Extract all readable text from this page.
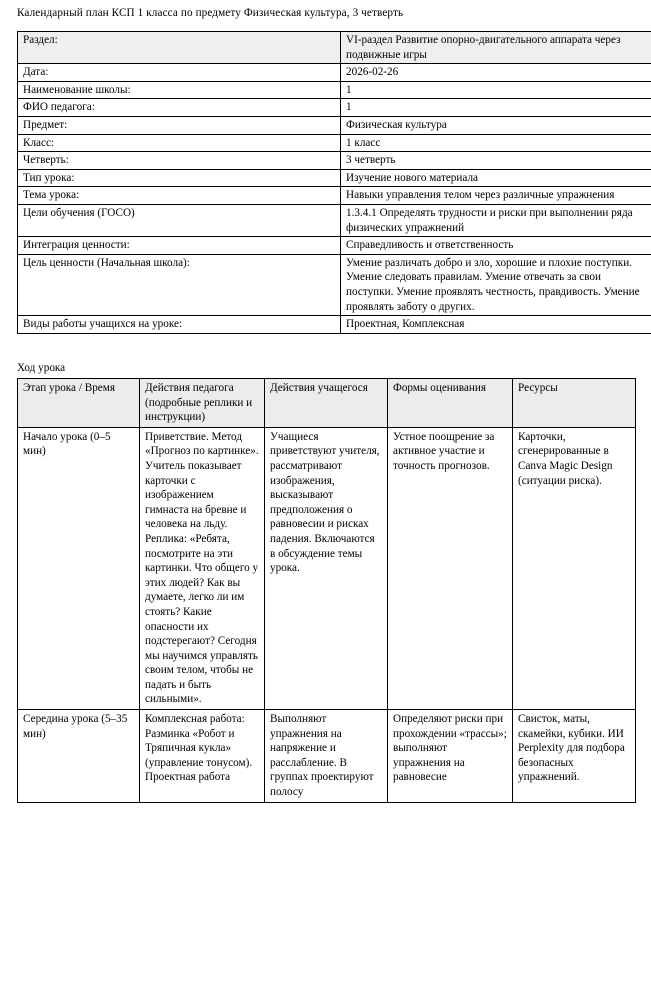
Календарный план КСП 1 класса по предмету Физическая культура, 3 четверть
Раздел:	VI-раздел Развитие опорно-двигательного аппарата через подвижные игры
Дата:	2026-02-26
Наименование школы:	1
ФИО педагога:	1
Предмет:	Физическая культура
Класс:	1 класс
Четверть:	3 четверть
Тип урока:	Изучение нового материала
Тема урока:	Навыки управления телом через различные упражнения
Цели обучения (ГОСО)	1.3.4.1 Определять трудности и риски при выполнении ряда физических упражнений
Интеграция ценности:	Справедливость и ответственность
Цель ценности (Начальная школа):	Умение различать добро и зло, хорошие и плохие поступки. Умение следовать правилам. Умение отвечать за свои поступки. Умение проявлять честность, правдивость. Умение проявлять заботу о других.
Виды работы учащихся на уроке:	Проектная, Комплексная
Ход урока
Этап урока / Время	Действия педагога (подробные реплики и инструкции)	Действия учащегося	Формы оценивания	Ресурсы
Начало урока (0–5 мин)	Приветствие. Метод «Прогноз по картинке». Учитель показывает карточки с изображением гимнаста на бревне и человека на льду. Реплика: «Ребята, посмотрите на эти картинки. Что общего у этих людей? Как вы думаете, легко ли им стоять? Какие опасности их подстерегают? Сегодня мы научимся управлять своим телом, чтобы не падать и быть сильными».	Учащиеся приветствуют учителя, рассматривают изображения, высказывают предположения о равновесии и рисках падения. Включаются в обсуждение темы урока.	Устное поощрение за активное участие и точность прогнозов.	Карточки, сгенерированные в Canva Magic Design (ситуации риска).
Середина урока (5–35 мин)	Комплексная работа: Разминка «Робот и Тряпичная кукла» (управление тонусом). Проектная работа	Выполняют упражнения на напряжение и расслабление. В группах проектируют полосу	Определяют риски при прохождении «трассы»; выполняют упражнения на равновесие	Свисток, маты, скамейки, кубики. ИИ Perplexity для подбора безопасных упражнений.
